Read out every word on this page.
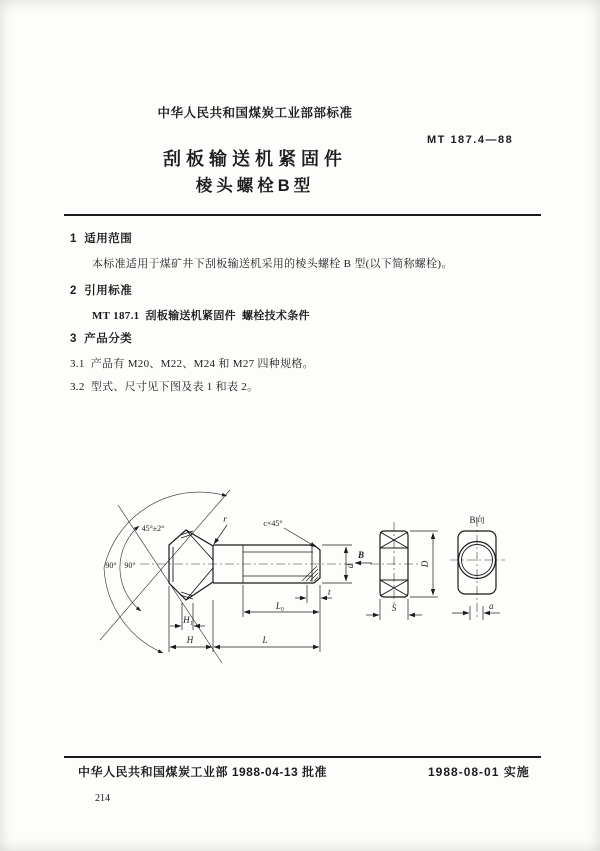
中华人民共和国煤炭工业部部标准
MT 187.4—88
刮板输送机紧固件
棱头螺栓B型
1  适用范围
本标准适用于煤矿井下刮板输送机采用的棱头螺栓 B 型(以下简称螺栓)。
2  引用标准
MT 187.1  刮板输送机紧固件  螺栓技术条件
3  产品分类
3.1  产品有 M20、M22、M24 和 M27 四种规格。
3.2  型式、尺寸见下图及表 1 和表 2。
45°±2°
90° 90°
r	c×45°
d
t
L₀
H₁
H	L
B
D
S
B向
a
中华人民共和国煤炭工业部 1988-04-13 批准	1988-08-01 实施
214
